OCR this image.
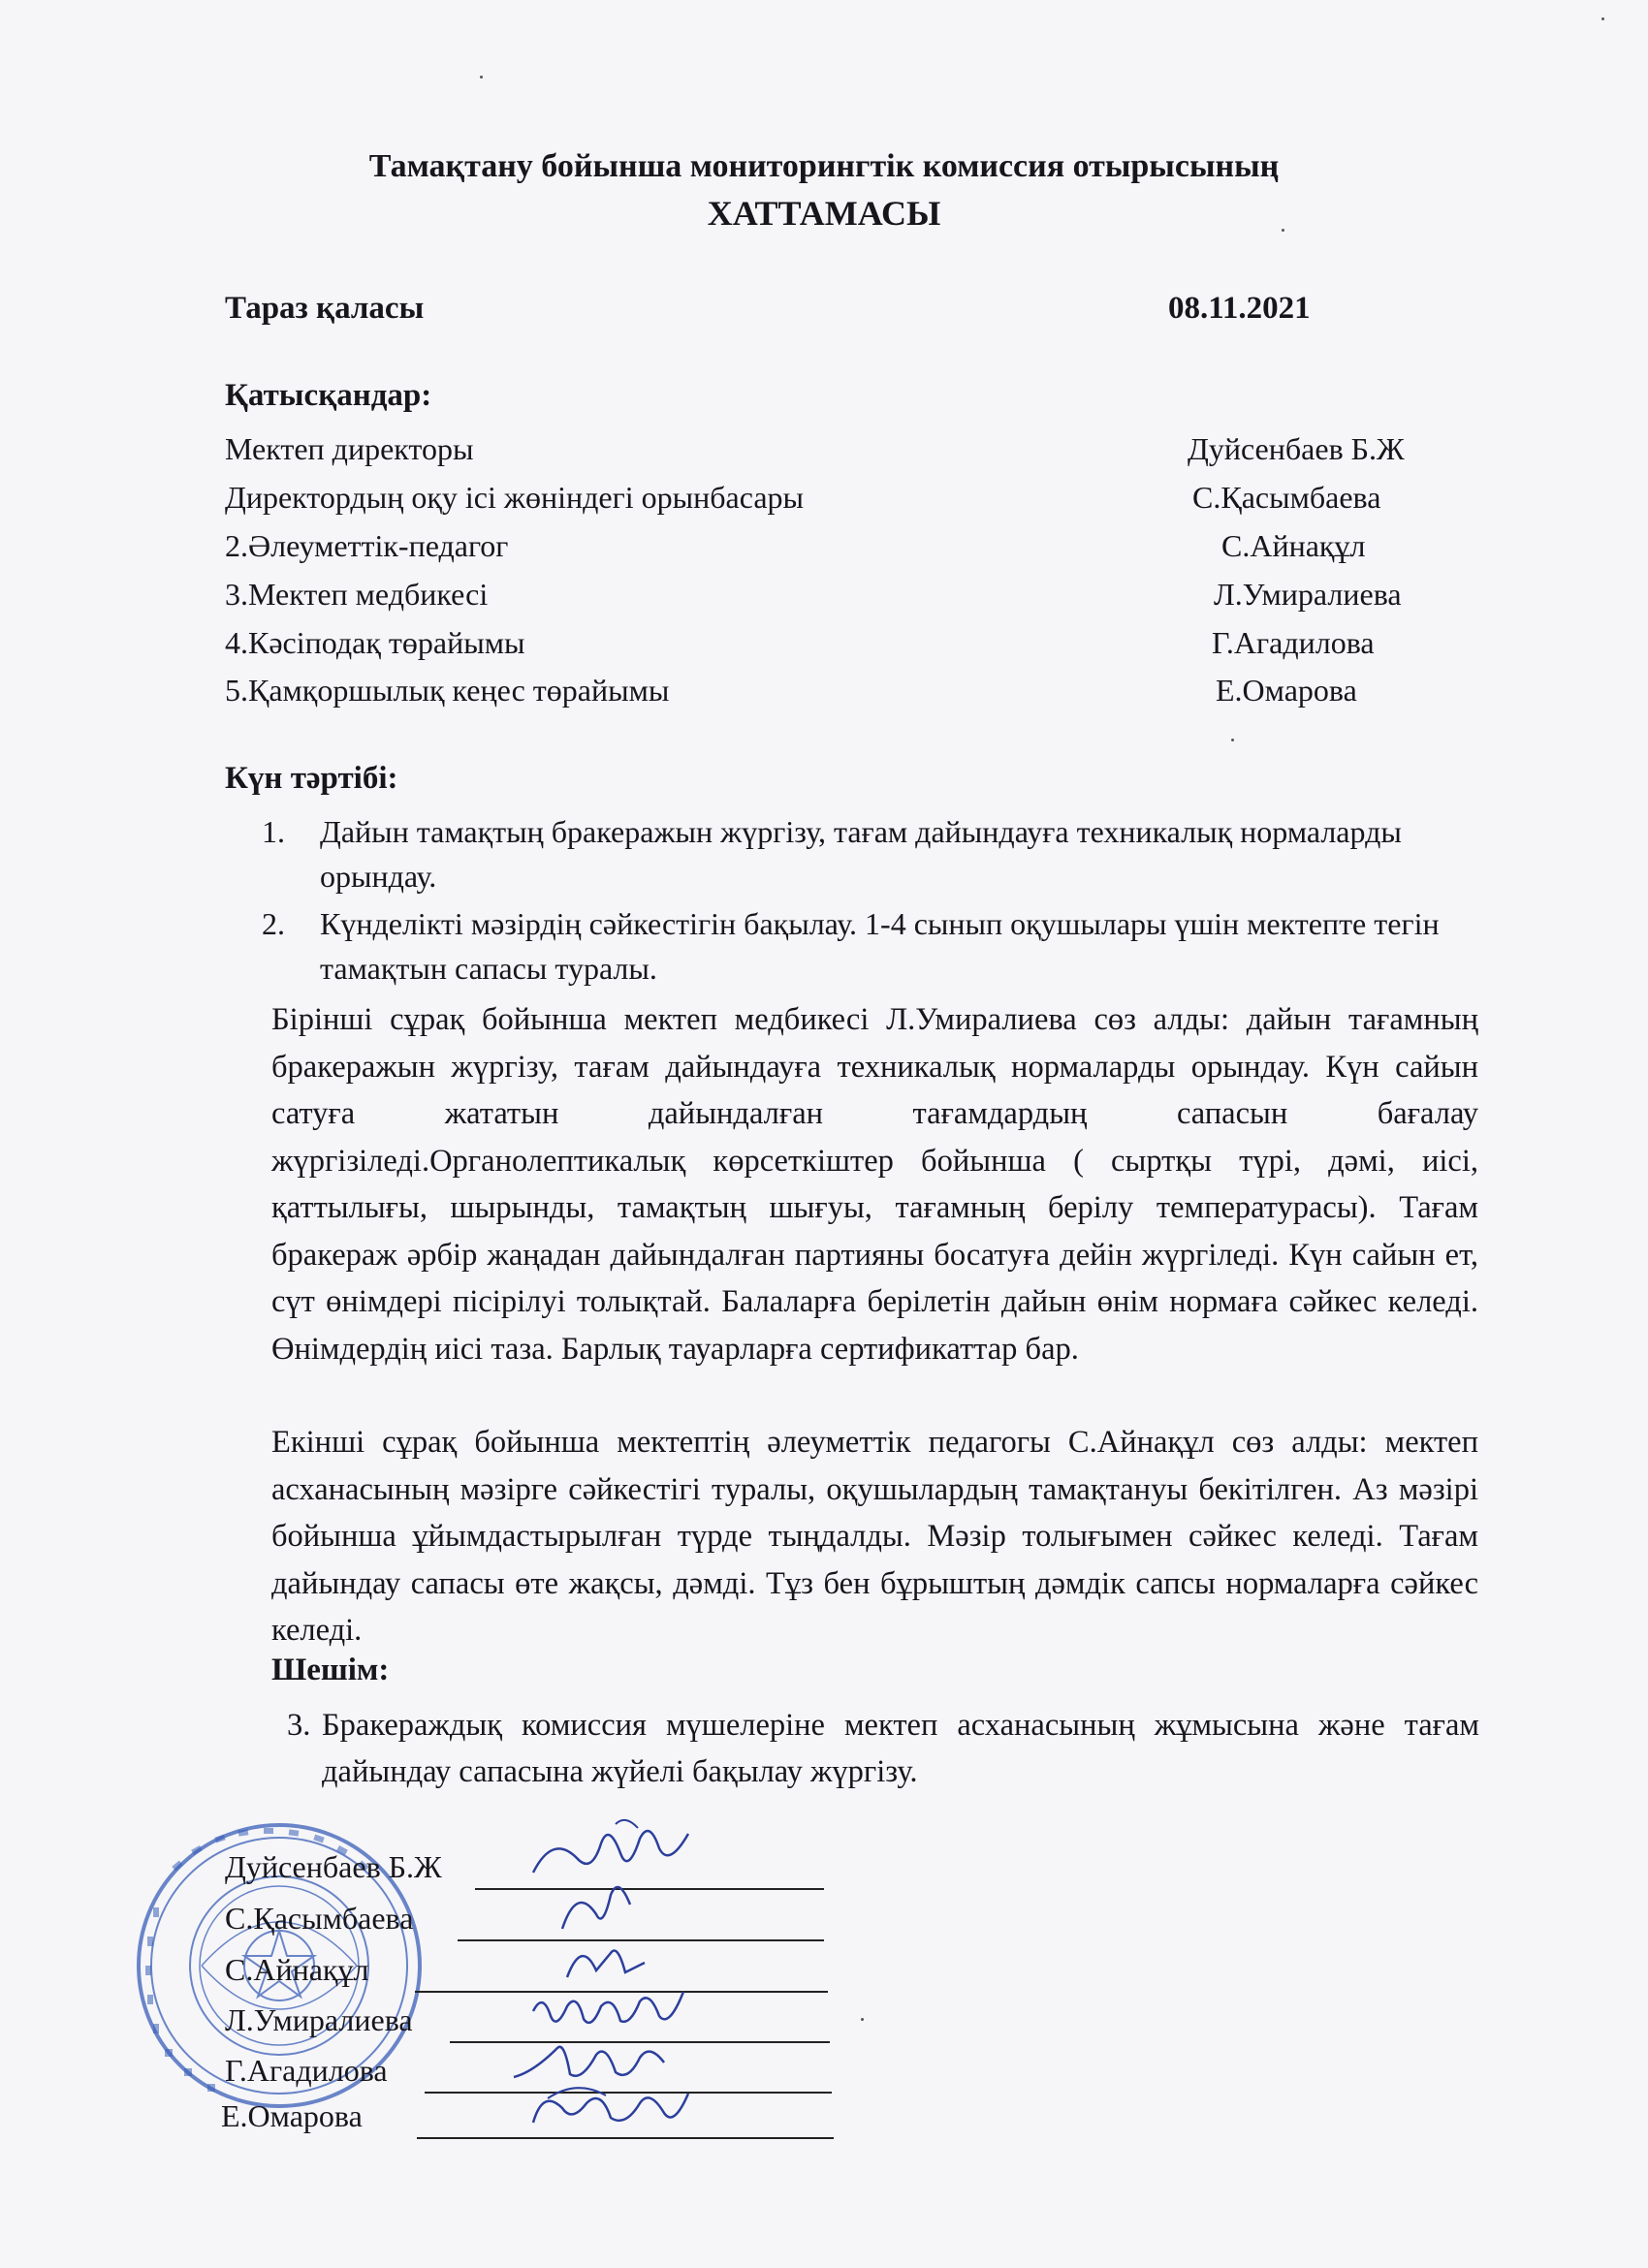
Тамақтану бойынша мониторингтік комиссия отырысының
ХАТТАМАСЫ
Тараз қаласы	08.11.2021
Қатысқандар:
Мектеп директоры	Дуйсенбаев Б.Ж
Директордың оқу ісі жөніндегі орынбасары	С.Қасымбаева
2.Әлеуметтік-педагог	С.Айнақұл
3.Мектеп медбикесі	Л.Умиралиева
4.Кәсіподақ төрайымы	Г.Агадилова
5.Қамқоршылық кеңес төрайымы	Е.Омарова
Күн тәртібі:
1. Дайын тамақтың бракеражын жүргізу, тағам дайындауға техникалық нормаларды орындау.
2. Күнделікті мәзірдің сәйкестігін бақылау. 1-4 сынып оқушылары үшін мектепте тегін тамақтын сапасы туралы.
Бірінші сұрақ бойынша мектеп медбикесі Л.Умиралиева сөз алды: дайын тағамның бракеражын жүргізу, тағам дайындауға техникалық нормаларды орындау. Күн сайын сатуға жататын дайындалған тағамдардың сапасын бағалау жүргізіледі.Органолептикалық көрсеткіштер бойынша ( сыртқы түрі, дәмі, иісі, қаттылығы, шырынды, тамақтың шығуы, тағамның берілу температурасы). Тағам бракераж әрбір жаңадан дайындалған партияны босатуға дейін жүргіледі. Күн сайын ет, сүт өнімдері пісірілуі толықтай. Балаларға берілетін дайын өнім нормаға сәйкес келеді. Өнімдердің иісі таза. Барлық тауарларға сертификаттар бар.
Екінші сұрақ бойынша мектептің әлеуметтік педагогы С.Айнақұл сөз алды: мектеп асханасының мәзірге сәйкестігі туралы, оқушылардың тамақтануы бекітілген. Аз мәзірі бойынша ұйымдастырылған түрде тыңдалды. Мәзір толығымен сәйкес келеді. Тағам дайындау сапасы өте жақсы, дәмді. Тұз бен бұрыштың дәмдік сапсы нормаларға сәйкес келеді.
Шешім:
3. Бракераждық комиссия мүшелеріне мектеп асханасының жұмысына және тағам дайындау сапасына жүйелі бақылау жүргізу.
Дуйсенбаев Б.Ж
С.Қасымбаева
С.Айнақұл
Л.Умиралиева
Г.Агадилова
Е.Омарова
